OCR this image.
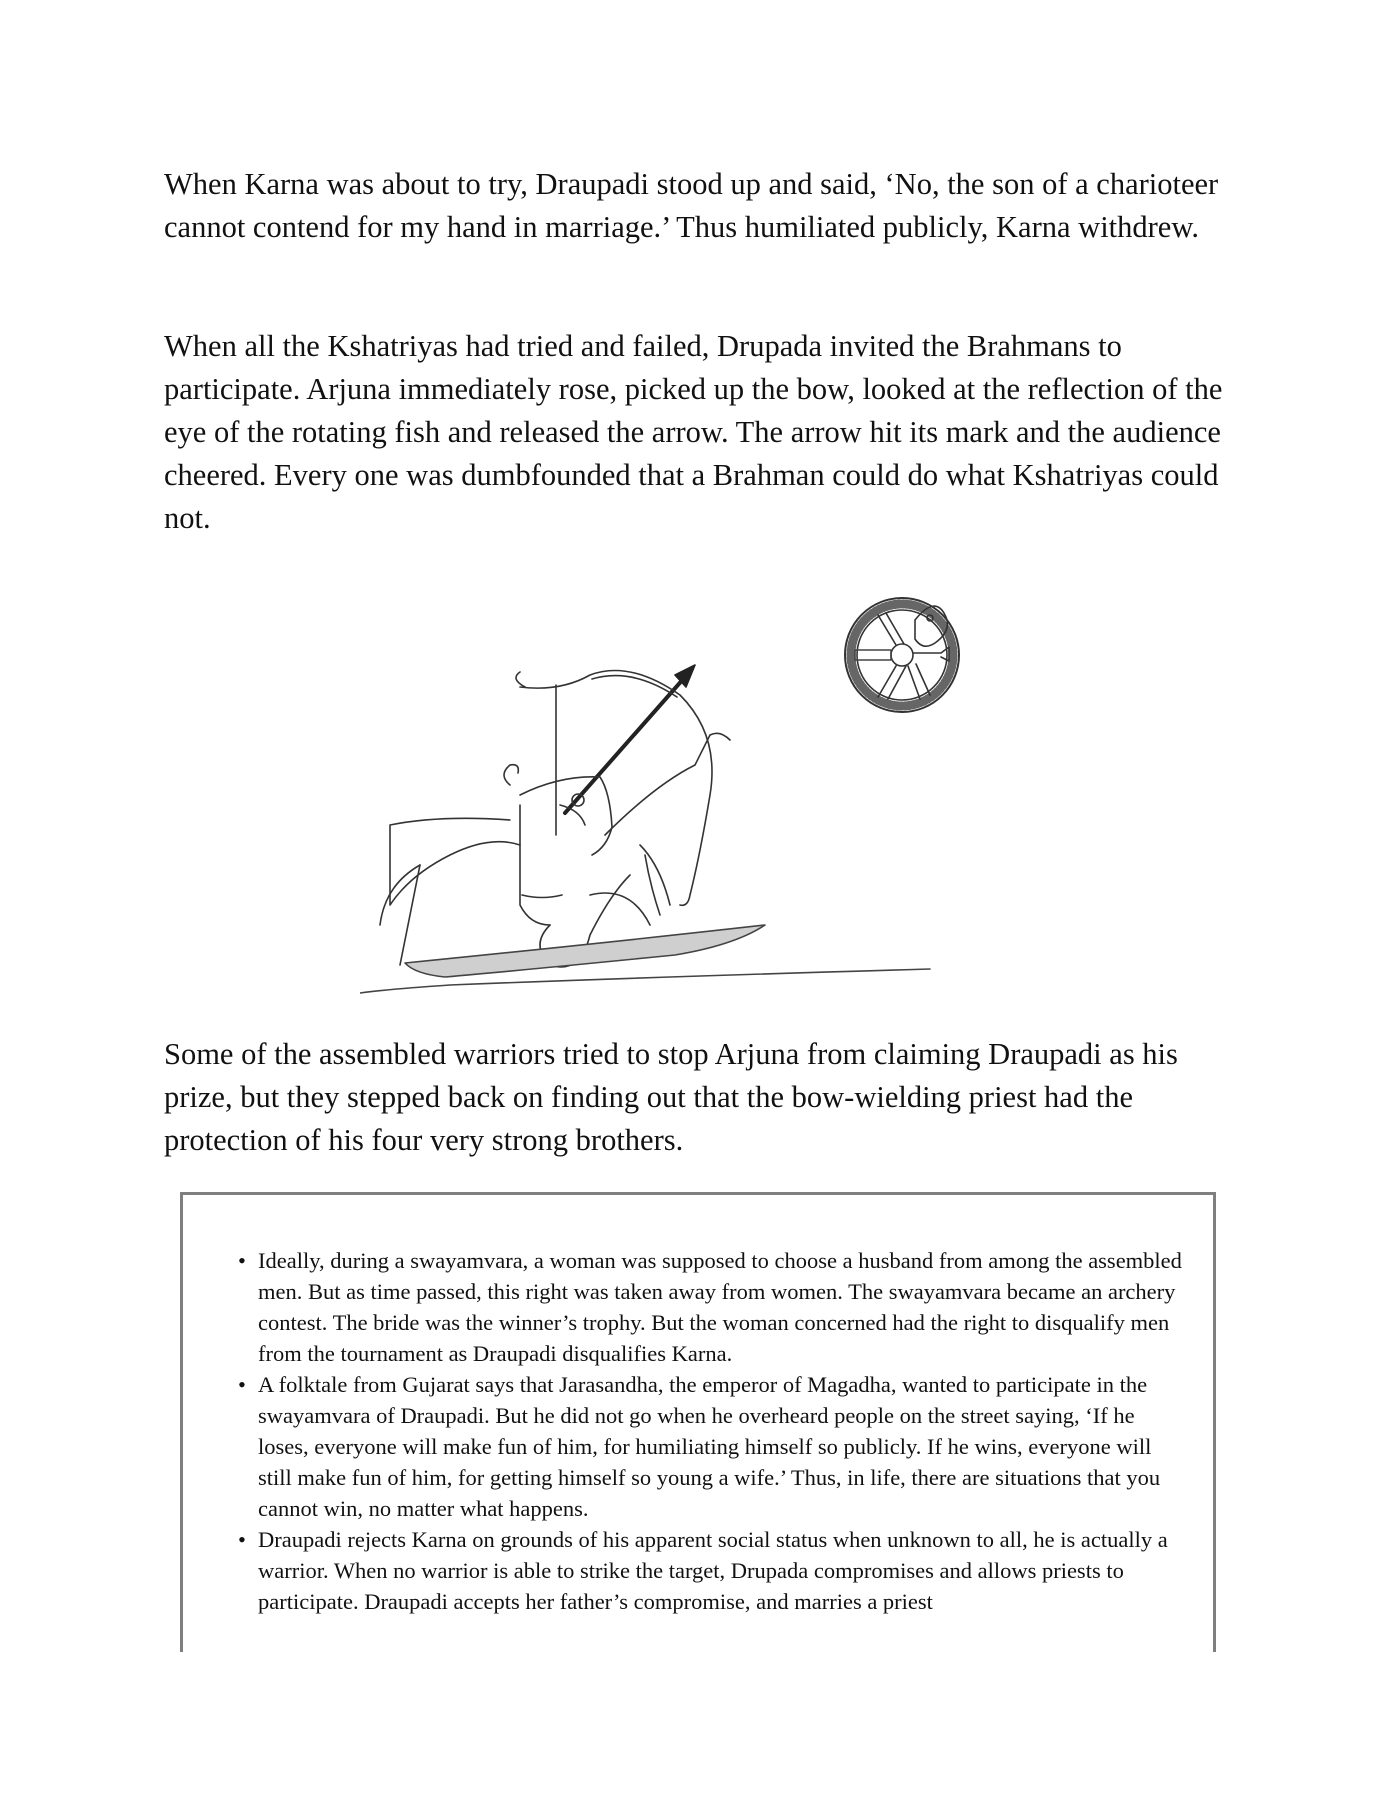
When Karna was about to try, Draupadi stood up and said, ‘No, the son of a charioteer cannot contend for my hand in marriage.’ Thus humiliated publicly, Karna withdrew.

When all the Kshatriyas had tried and failed, Drupada invited the Brahmans to participate. Arjuna immediately rose, picked up the bow, looked at the reflection of the eye of the rotating fish and released the arrow. The arrow hit its mark and the audience cheered. Every one was dumbfounded that a Brahman could do what Kshatriyas could not.

Some of the assembled warriors tried to stop Arjuna from claiming Draupadi as his prize, but they stepped back on finding out that the bow-wielding priest had the protection of his four very strong brothers.

• Ideally, during a swayamvara, a woman was supposed to choose a husband from among the assembled men. But as time passed, this right was taken away from women. The swayamvara became an archery contest. The bride was the winner’s trophy. But the woman concerned had the right to disqualify men from the tournament as Draupadi disqualifies Karna.
• A folktale from Gujarat says that Jarasandha, the emperor of Magadha, wanted to participate in the swayamvara of Draupadi. But he did not go when he overheard people on the street saying, ‘If he loses, everyone will make fun of him, for humiliating himself so publicly. If he wins, everyone will still make fun of him, for getting himself so young a wife.’ Thus, in life, there are situations that you cannot win, no matter what happens.
• Draupadi rejects Karna on grounds of his apparent social status when unknown to all, he is actually a warrior. When no warrior is able to strike the target, Drupada compromises and allows priests to participate. Draupadi accepts her father’s compromise, and marries a priest
